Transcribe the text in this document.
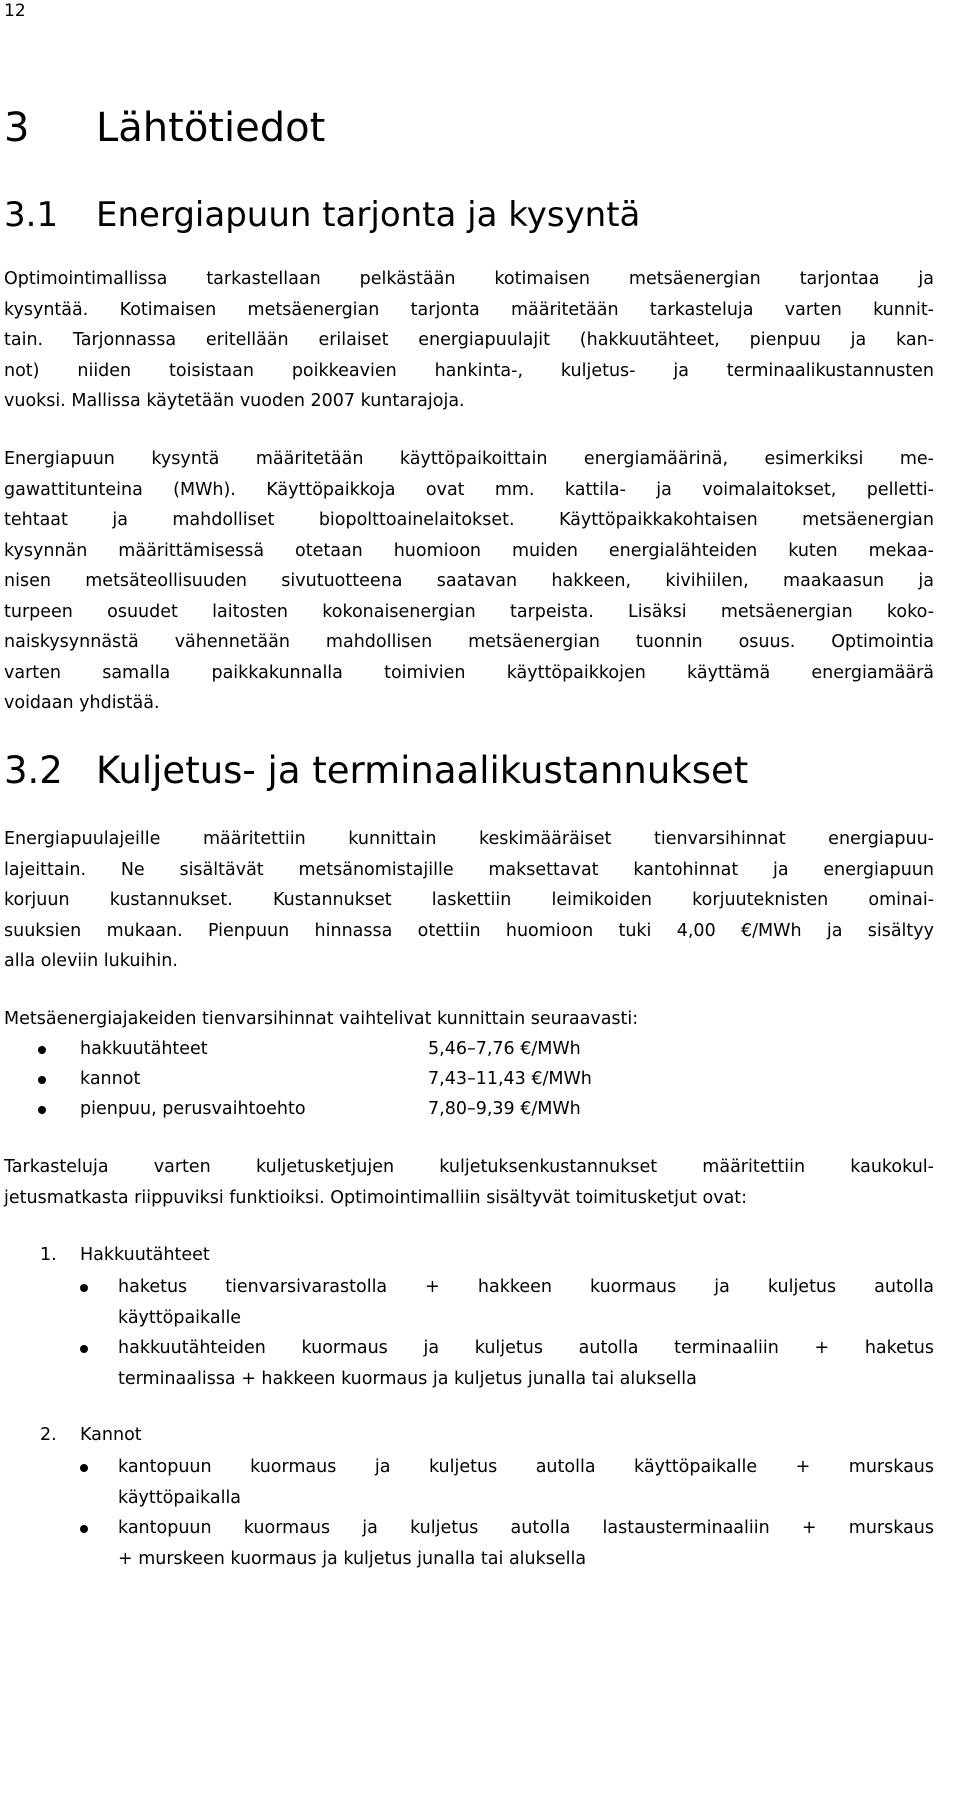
12
3 Lähtötiedot
3.1 Energiapuun tarjonta ja kysyntä

Optimointimallissa tarkastellaan pelkästään kotimaisen metsäenergian tarjontaa ja
kysyntää. Kotimaisen metsäenergian tarjonta määritetään tarkasteluja varten kunnit-
tain. Tarjonnassa eritellään erilaiset energiapuulajit (hakkuutähteet, pienpuu ja kan-
not) niiden toisistaan poikkeavien hankinta-, kuljetus- ja terminaalikustannusten
vuoksi. Mallissa käytetään vuoden 2007 kuntarajoja.

Energiapuun kysyntä määritetään käyttöpaikoittain energiamäärinä, esimerkiksi me-
gawattitunteina (MWh). Käyttöpaikkoja ovat mm. kattila- ja voimalaitokset, pelletti-
tehtaat ja mahdolliset biopolttoainelaitokset. Käyttöpaikkakohtaisen metsäenergian
kysynnän määrittämisessä otetaan huomioon muiden energialähteiden kuten mekaa-
nisen metsäteollisuuden sivutuotteena saatavan hakkeen, kivihiilen, maakaasun ja
turpeen osuudet laitosten kokonaisenergian tarpeista. Lisäksi metsäenergian koko-
naiskysynnästä vähennetään mahdollisen metsäenergian tuonnin osuus. Optimointia
varten samalla paikkakunnalla toimivien käyttöpaikkojen käyttämä energiamäärä
voidaan yhdistää.

3.2 Kuljetus- ja terminaalikustannukset

Energiapuulajeille määritettiin kunnittain keskimääräiset tienvarsihinnat energiapuu-
lajeittain. Ne sisältävät metsänomistajille maksettavat kantohinnat ja energiapuun
korjuun kustannukset. Kustannukset laskettiin leimikoiden korjuuteknisten ominai-
suuksien mukaan. Pienpuun hinnassa otettiin huomioon tuki 4,00 €/MWh ja sisältyy
alla oleviin lukuihin.

Metsäenergiajakeiden tienvarsihinnat vaihtelivat kunnittain seuraavasti:

hakkuutähteet	5,46–7,76 €/MWh
kannot	7,43–11,43 €/MWh
pienpuu, perusvaihtoehto	7,80–9,39 €/MWh

Tarkasteluja varten kuljetusketjujen kuljetuksenkustannukset määritettiin kaukokul-
jetusmatkasta riippuviksi funktioiksi. Optimointimalliin sisältyvät toimitusketjut ovat:

1. Hakkuutähteet
haketus tienvarsivarastolla + hakkeen kuormaus ja kuljetus autolla
käyttöpaikalle
hakkuutähteiden kuormaus ja kuljetus autolla terminaaliin + haketus
terminaalissa + hakkeen kuormaus ja kuljetus junalla tai aluksella
2. Kannot
kantopuun kuormaus ja kuljetus autolla käyttöpaikalle + murskaus
käyttöpaikalla
kantopuun kuormaus ja kuljetus autolla lastausterminaaliin + murskaus
+ murskeen kuormaus ja kuljetus junalla tai aluksella
